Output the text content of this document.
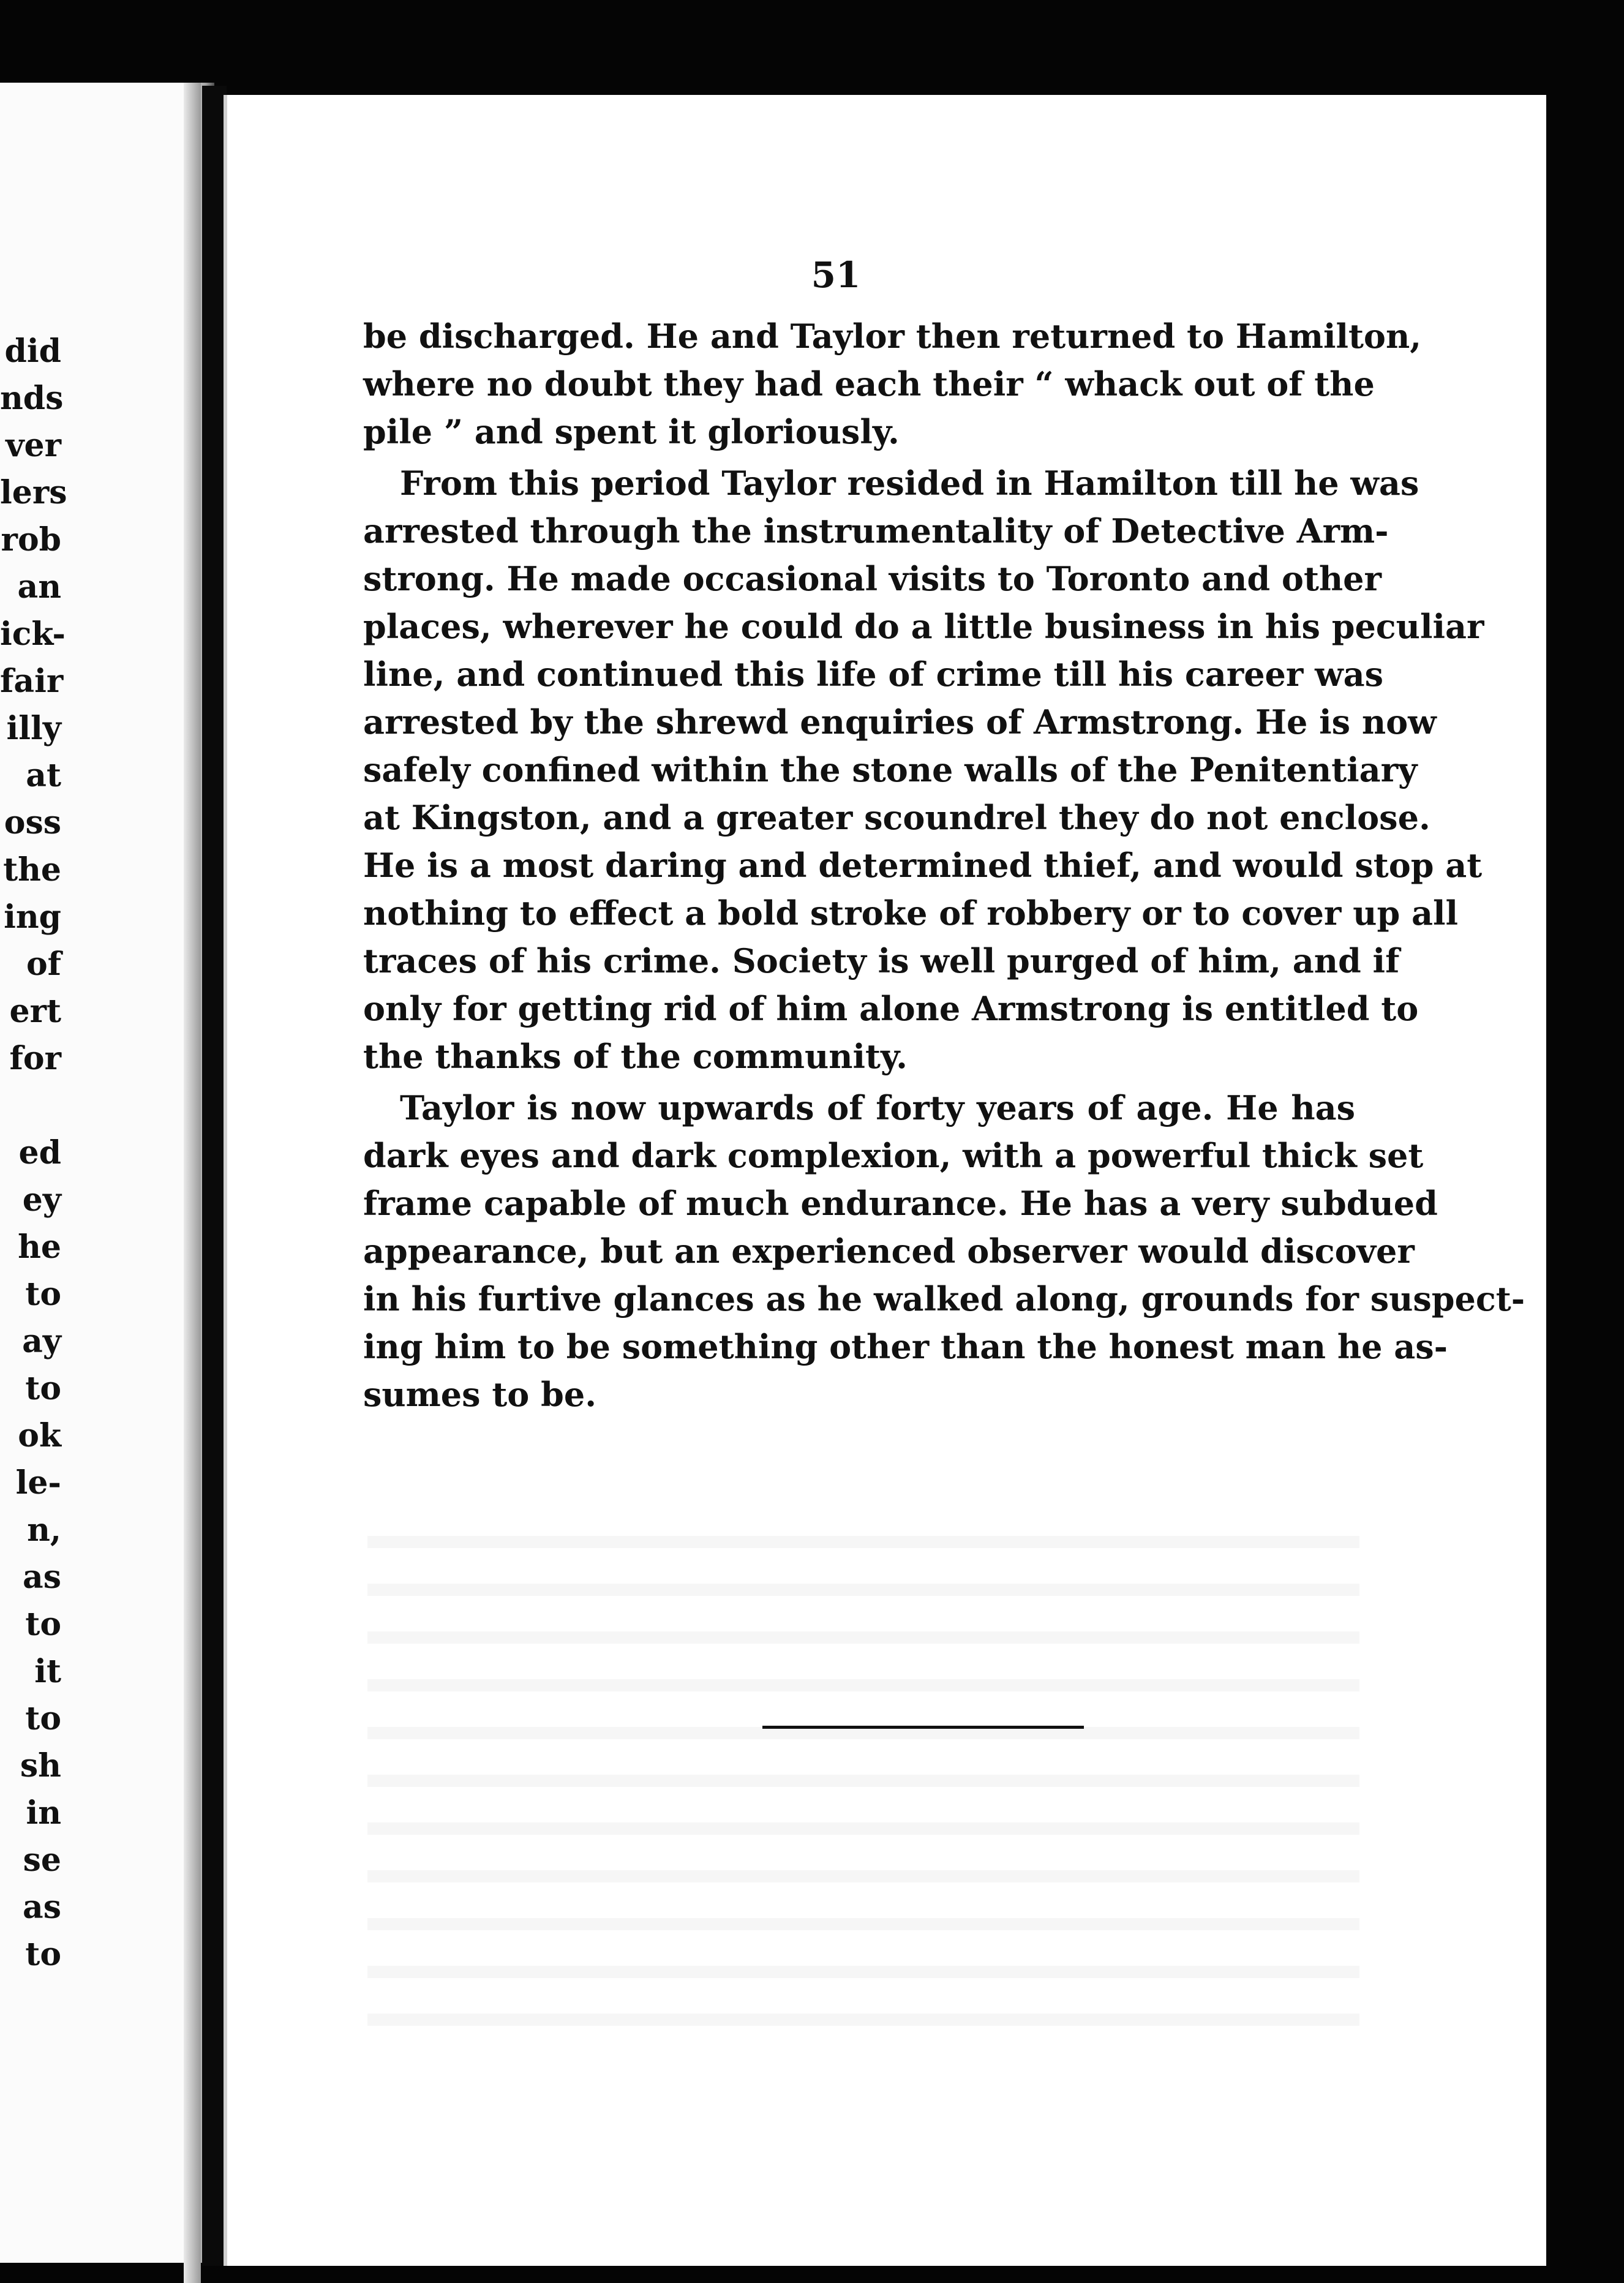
did
nds
ver
lers
rob
an
ick-
fair
illy
at
oss
the
ing
of
ert
for
ed
ey
he
to
ay
to
ok
le-
n,
as
to
it
to
sh
in
se
as
to
51
be discharged. He and Taylor then returned to Hamilton,
where no doubt they had each their “ whack out of the
pile ” and spent it gloriously.
From this period Taylor resided in Hamilton till he was
arrested through the instrumentality of Detective Arm-
strong. He made occasional visits to Toronto and other
places, wherever he could do a little business in his peculiar
line, and continued this life of crime till his career was
arrested by the shrewd enquiries of Armstrong. He is now
safely confined within the stone walls of the Penitentiary
at Kingston, and a greater scoundrel they do not enclose.
He is a most daring and determined thief, and would stop at
nothing to effect a bold stroke of robbery or to cover up all
traces of his crime. Society is well purged of him, and if
only for getting rid of him alone Armstrong is entitled to
the thanks of the community.
Taylor is now upwards of forty years of age. He has
dark eyes and dark complexion, with a powerful thick set
frame capable of much endurance. He has a very subdued
appearance, but an experienced observer would discover
in his furtive glances as he walked along, grounds for suspect-
ing him to be something other than the honest man he as-
sumes to be.
